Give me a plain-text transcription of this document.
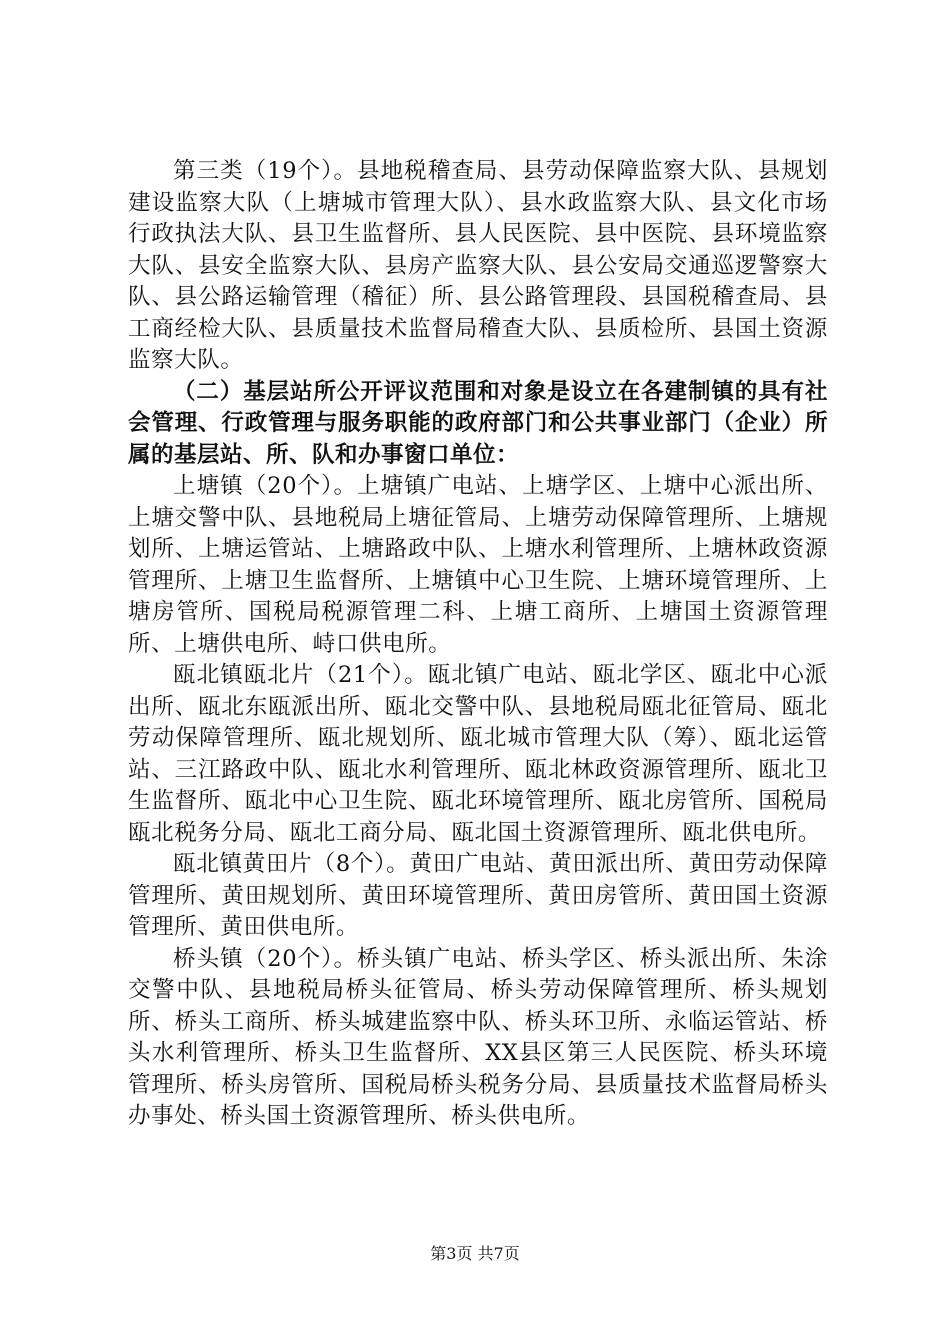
第三类（19个）。县地税稽查局、县劳动保障监察大队、县规划建设监察大队（上塘城市管理大队）、县水政监察大队、县文化市场行政执法大队、县卫生监督所、县人民医院、县中医院、县环境监察大队、县安全监察大队、县房产监察大队、县公安局交通巡逻警察大队、县公路运输管理（稽征）所、县公路管理段、县国税稽查局、县工商经检大队、县质量技术监督局稽查大队、县质检所、县国土资源监察大队。

（二）基层站所公开评议范围和对象是设立在各建制镇的具有社会管理、行政管理与服务职能的政府部门和公共事业部门（企业）所属的基层站、所、队和办事窗口单位：

上塘镇（20个）。上塘镇广电站、上塘学区、上塘中心派出所、上塘交警中队、县地税局上塘征管局、上塘劳动保障管理所、上塘规划所、上塘运管站、上塘路政中队、上塘水利管理所、上塘林政资源管理所、上塘卫生监督所、上塘镇中心卫生院、上塘环境管理所、上塘房管所、国税局税源管理二科、上塘工商所、上塘国土资源管理所、上塘供电所、峙口供电所。

瓯北镇瓯北片（21个）。瓯北镇广电站、瓯北学区、瓯北中心派出所、瓯北东瓯派出所、瓯北交警中队、县地税局瓯北征管局、瓯北劳动保障管理所、瓯北规划所、瓯北城市管理大队（筹）、瓯北运管站、三江路政中队、瓯北水利管理所、瓯北林政资源管理所、瓯北卫生监督所、瓯北中心卫生院、瓯北环境管理所、瓯北房管所、国税局瓯北税务分局、瓯北工商分局、瓯北国土资源管理所、瓯北供电所。

瓯北镇黄田片（8个）。黄田广电站、黄田派出所、黄田劳动保障管理所、黄田规划所、黄田环境管理所、黄田房管所、黄田国土资源管理所、黄田供电所。

桥头镇（20个）。桥头镇广电站、桥头学区、桥头派出所、朱涂交警中队、县地税局桥头征管局、桥头劳动保障管理所、桥头规划所、桥头工商所、桥头城建监察中队、桥头环卫所、永临运管站、桥头水利管理所、桥头卫生监督所、XX县区第三人民医院、桥头环境管理所、桥头房管所、国税局桥头税务分局、县质量技术监督局桥头办事处、桥头国土资源管理所、桥头供电所。

第3页 共7页
